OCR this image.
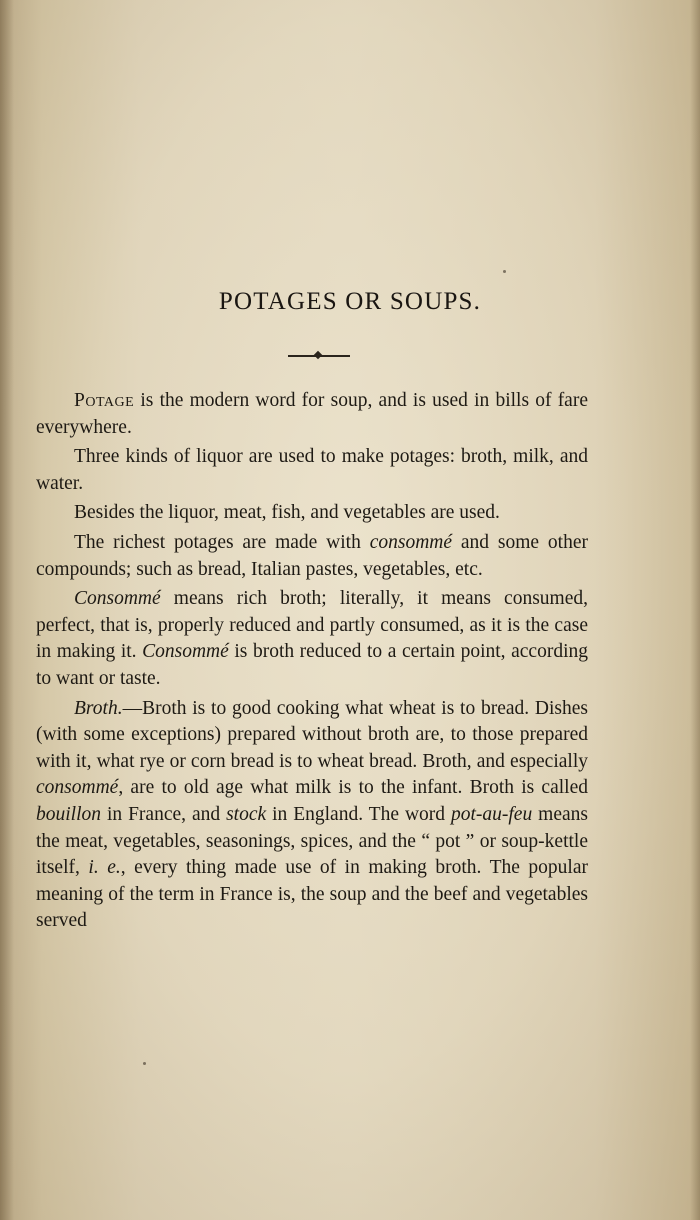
POTAGES OR SOUPS.

Potage is the modern word for soup, and is used in bills of fare everywhere.

Three kinds of liquor are used to make potages: broth, milk, and water.

Besides the liquor, meat, fish, and vegetables are used.

The richest potages are made with consommé and some other compounds; such as bread, Italian pastes, vegetables, etc.

Consommé means rich broth; literally, it means consumed, perfect, that is, properly reduced and partly consumed, as it is the case in making it. Consommé is broth reduced to a certain point, according to want or taste.

Broth.—Broth is to good cooking what wheat is to bread. Dishes (with some exceptions) prepared without broth are, to those prepared with it, what rye or corn bread is to wheat bread. Broth, and especially consommé, are to old age what milk is to the infant. Broth is called bouillon in France, and stock in England. The word pot-au-feu means the meat, vegetables, seasonings, spices, and the “ pot ” or soup-kettle itself, i. e., every thing made use of in making broth. The popular meaning of the term in France is, the soup and the beef and vegetables served
